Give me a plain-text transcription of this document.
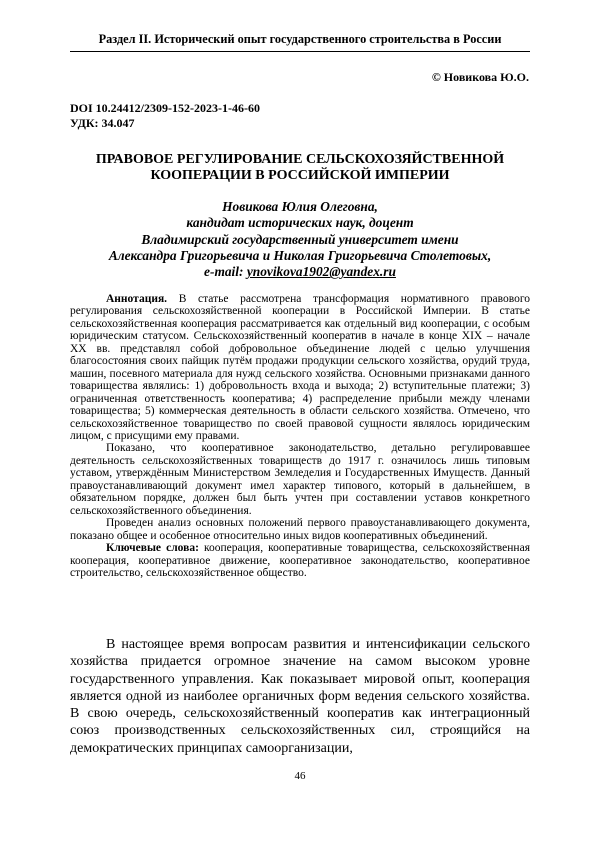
Раздел II. Исторический опыт государственного строительства в России
© Новикова Ю.О.
DOI 10.24412/2309-152-2023-1-46-60
УДК: 34.047
ПРАВОВОЕ РЕГУЛИРОВАНИЕ СЕЛЬСКОХОЗЯЙСТВЕННОЙ
КООПЕРАЦИИ В РОССИЙСКОЙ ИМПЕРИИ
Новикова Юлия Олеговна,
кандидат исторических наук, доцент
Владимирский государственный университет имени
Александра Григорьевича и Николая Григорьевича Столетовых,
e-mail: ynovikova1902@yandex.ru

Аннотация. В статье рассмотрена трансформация нормативного правового регулирования сельскохозяйственной кооперации в Российской Империи. В статье сельскохозяйственная кооперация рассматривается как отдельный вид кооперации, с особым юридическим статусом. Сельскохозяйственный кооператив в начале в конце XIX – начале XX вв. представлял собой добровольное объединение людей с целью улучшения благосостояния своих пайщик путём продажи продукции сельского хозяйства, орудий труда, машин, посевного материала для нужд сельского хозяйства. Основными признаками данного товарищества являлись: 1) добровольность входа и выхода; 2) вступительные платежи; 3) ограниченная ответственность кооператива; 4) распределение прибыли между членами товарищества; 5) коммерческая деятельность в области сельского хозяйства. Отмечено, что сельскохозяйственное товарищество по своей правовой сущности являлось юридическим лицом, с присущими ему правами.

Показано, что кооперативное законодательство, детально регулировавшее деятельность сельскохозяйственных товариществ до 1917 г. означилось лишь типовым уставом, утверждённым Министерством Земледелия и Государственных Имуществ. Данный правоустанавливающий документ имел характер типового, который в дальнейшем, в обязательном порядке, должен был быть учтен при составлении уставов конкретного сельскохозяйственного объединения.

Проведен анализ основных положений первого правоустанавливающего документа, показано общее и особенное относительно иных видов кооперативных объединений.

Ключевые слова: кооперация, кооперативные товарищества, сельскохозяйственная кооперация, кооперативное движение, кооперативное законодательство, кооперативное строительство, сельскохозяйственное общество.

В настоящее время вопросам развития и интенсификации сельского хозяйства придается огромное значение на самом высоком уровне государственного управления. Как показывает мировой опыт, кооперация является одной из наиболее органичных форм ведения сельского хозяйства. В свою очередь, сельскохозяйственный кооператив как интеграционный союз производственных сельскохозяйственных сил, строящийся на демократических принципах самоорганизации,

46
